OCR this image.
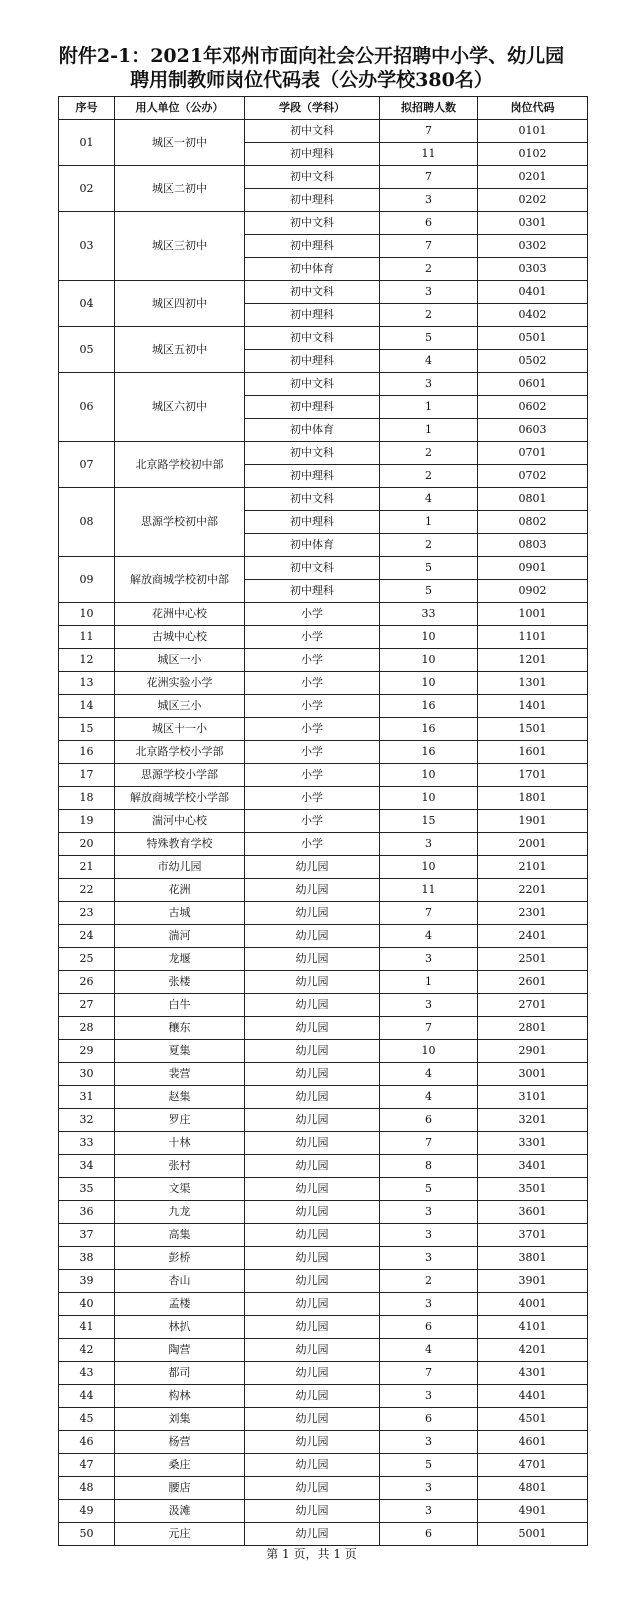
附件2-1：2021年邓州市面向社会公开招聘中小学、幼儿园
聘用制教师岗位代码表（公办学校380名）
序号	用人单位（公办）	学段（学科）	拟招聘人数	岗位代码
01	城区一初中	初中文科	7	0101
		初中理科	11	0102
02	城区二初中	初中文科	7	0201
		初中理科	3	0202
03	城区三初中	初中文科	6	0301
		初中理科	7	0302
		初中体育	2	0303
04	城区四初中	初中文科	3	0401
		初中理科	2	0402
05	城区五初中	初中文科	5	0501
		初中理科	4	0502
06	城区六初中	初中文科	3	0601
		初中理科	1	0602
		初中体育	1	0603
07	北京路学校初中部	初中文科	2	0701
		初中理科	2	0702
08	思源学校初中部	初中文科	4	0801
		初中理科	1	0802
		初中体育	2	0803
09	解放商城学校初中部	初中文科	5	0901
		初中理科	5	0902
10	花洲中心校	小学	33	1001
11	古城中心校	小学	10	1101
12	城区一小	小学	10	1201
13	花洲实验小学	小学	10	1301
14	城区三小	小学	16	1401
15	城区十一小	小学	16	1501
16	北京路学校小学部	小学	16	1601
17	思源学校小学部	小学	10	1701
18	解放商城学校小学部	小学	10	1801
19	湍河中心校	小学	15	1901
20	特殊教育学校	小学	3	2001
21	市幼儿园	幼儿园	10	2101
22	花洲	幼儿园	11	2201
23	古城	幼儿园	7	2301
24	湍河	幼儿园	4	2401
25	龙堰	幼儿园	3	2501
26	张楼	幼儿园	1	2601
27	白牛	幼儿园	3	2701
28	穰东	幼儿园	7	2801
29	夏集	幼儿园	10	2901
30	裴营	幼儿园	4	3001
31	赵集	幼儿园	4	3101
32	罗庄	幼儿园	6	3201
33	十林	幼儿园	7	3301
34	张村	幼儿园	8	3401
35	文渠	幼儿园	5	3501
36	九龙	幼儿园	3	3601
37	高集	幼儿园	3	3701
38	彭桥	幼儿园	3	3801
39	杏山	幼儿园	2	3901
40	孟楼	幼儿园	3	4001
41	林扒	幼儿园	6	4101
42	陶营	幼儿园	4	4201
43	都司	幼儿园	7	4301
44	构林	幼儿园	3	4401
45	刘集	幼儿园	6	4501
46	杨营	幼儿园	3	4601
47	桑庄	幼儿园	5	4701
48	腰店	幼儿园	3	4801
49	汲滩	幼儿园	3	4901
50	元庄	幼儿园	6	5001
第 1 页，共 1 页
